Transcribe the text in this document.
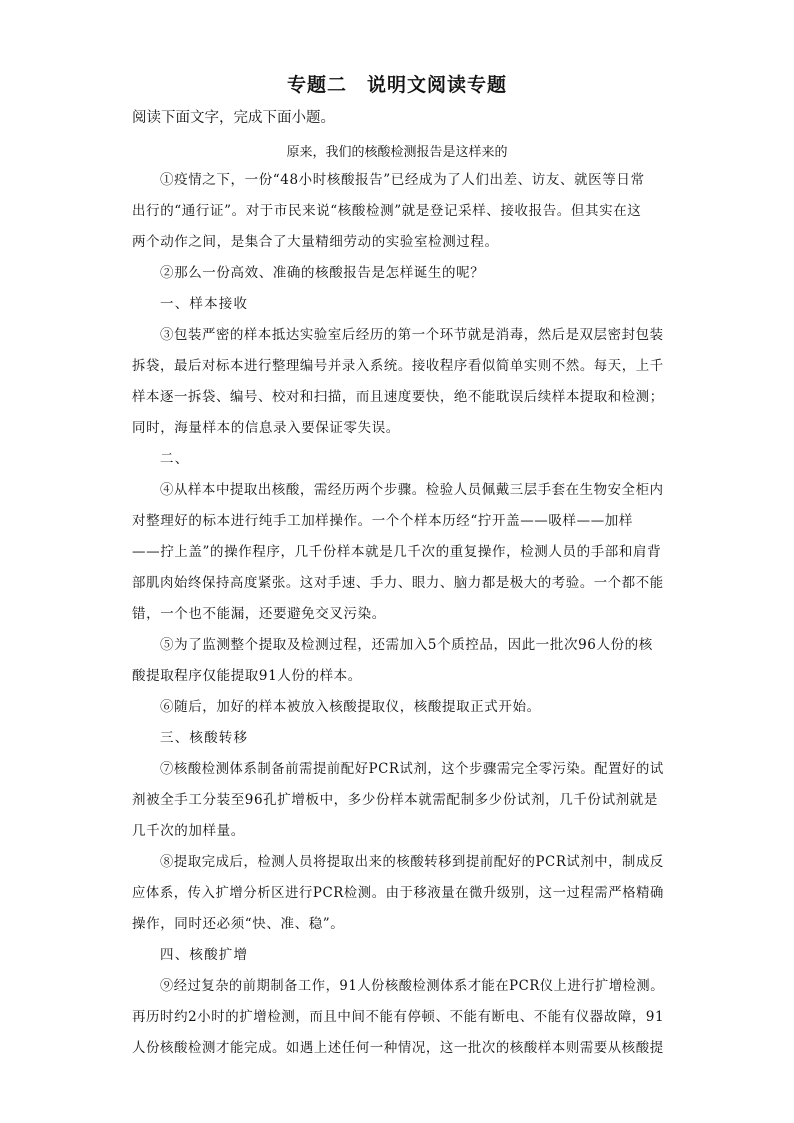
专题二　说明文阅读专题
阅读下面文字，完成下面小题。
原来，我们的核酸检测报告是这样来的
①疫情之下，一份“48小时核酸报告”已经成为了人们出差、访友、就医等日常
出行的“通行证”。对于市民来说“核酸检测”就是登记采样、接收报告。但其实在这
两个动作之间，是集合了大量精细劳动的实验室检测过程。
②那么一份高效、准确的核酸报告是怎样诞生的呢？
一、样本接收
③包装严密的样本抵达实验室后经历的第一个环节就是消毒，然后是双层密封包装
拆袋，最后对标本进行整理编号并录入系统。接收程序看似简单实则不然。每天，上千
样本逐一拆袋、编号、校对和扫描，而且速度要快，绝不能耽误后续样本提取和检测；
同时，海量样本的信息录入要保证零失误。
二、
④从样本中提取出核酸，需经历两个步骤。检验人员佩戴三层手套在生物安全柜内
对整理好的标本进行纯手工加样操作。一个个样本历经“拧开盖——吸样——加样
——拧上盖”的操作程序，几千份样本就是几千次的重复操作，检测人员的手部和肩背
部肌肉始终保持高度紧张。这对手速、手力、眼力、脑力都是极大的考验。一个都不能
错，一个也不能漏，还要避免交叉污染。
⑤为了监测整个提取及检测过程，还需加入5个质控品，因此一批次96人份的核
酸提取程序仅能提取91人份的样本。
⑥随后，加好的样本被放入核酸提取仪，核酸提取正式开始。
三、核酸转移
⑦核酸检测体系制备前需提前配好PCR试剂，这个步骤需完全零污染。配置好的试
剂被全手工分装至96孔扩增板中，多少份样本就需配制多少份试剂，几千份试剂就是
几千次的加样量。
⑧提取完成后，检测人员将提取出来的核酸转移到提前配好的PCR试剂中，制成反
应体系，传入扩增分析区进行PCR检测。由于移液量在微升级别，这一过程需严格精确
操作，同时还必须“快、准、稳”。
四、核酸扩增
⑨经过复杂的前期制备工作，91人份核酸检测体系才能在PCR仪上进行扩增检测。
再历时约2小时的扩增检测，而且中间不能有停顿、不能有断电、不能有仪器故障，91
人份核酸检测才能完成。如遇上述任何一种情况，这一批次的核酸样本则需要从核酸提
